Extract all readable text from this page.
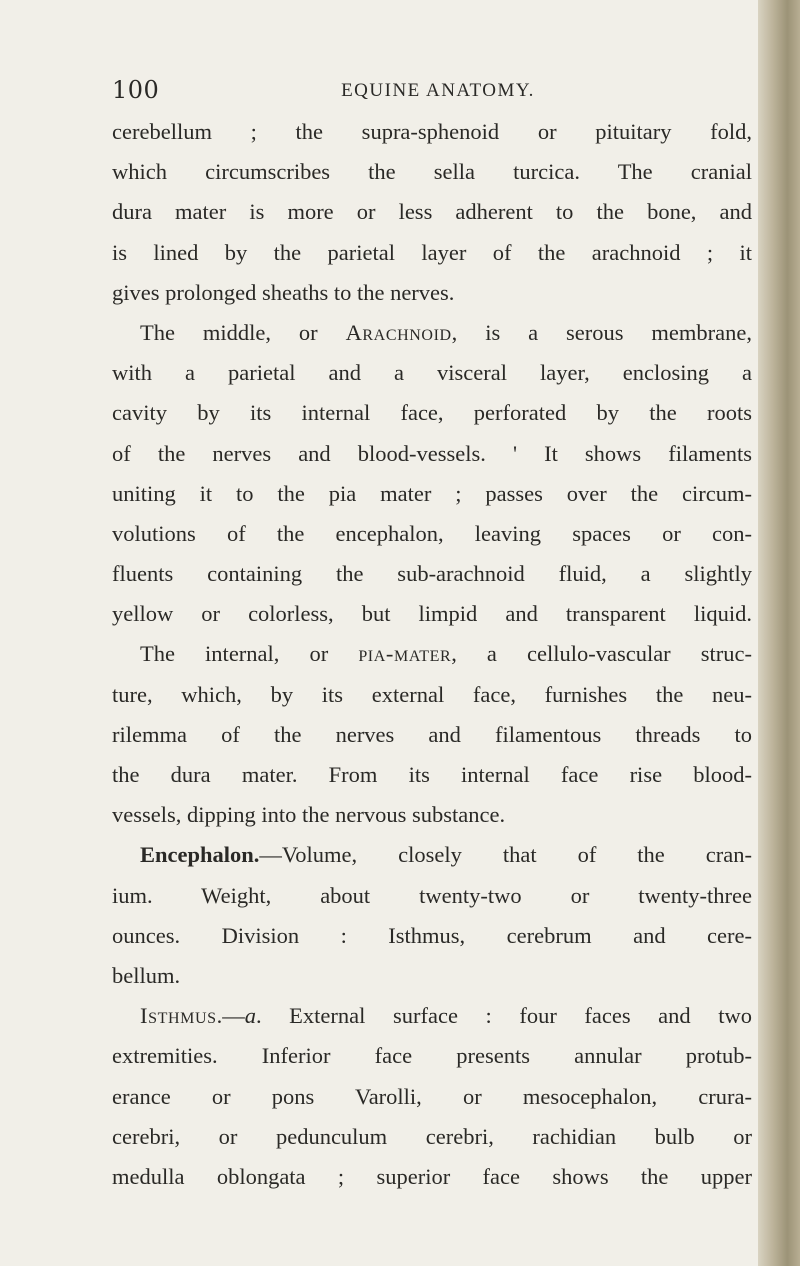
100	EQUINE ANATOMY.
cerebellum ; the supra-sphenoid or pituitary fold,
which circumscribes the sella turcica. The cranial
dura mater is more or less adherent to the bone, and
is lined by the parietal layer of the arachnoid ; it
gives prolonged sheaths to the nerves.
The middle, or Arachnoid, is a serous membrane,
with a parietal and a visceral layer, enclosing a
cavity by its internal face, perforated by the roots
of the nerves and blood-vessels. ' It shows filaments
uniting it to the pia mater ; passes over the circum-
volutions of the encephalon, leaving spaces or con-
fluents containing the sub-arachnoid fluid, a slightly
yellow or colorless, but limpid and transparent liquid.
The internal, or pia-mater, a cellulo-vascular struc-
ture, which, by its external face, furnishes the neu-
rilemma of the nerves and filamentous threads to
the dura mater. From its internal face rise blood-
vessels, dipping into the nervous substance.
Encephalon.—Volume, closely that of the cran-
ium. Weight, about twenty-two or twenty-three
ounces. Division : Isthmus, cerebrum and cere-
bellum.
Isthmus.—a. External surface : four faces and two
extremities. Inferior face presents annular protub-
erance or pons Varolli, or mesocephalon, crura-
cerebri, or pedunculum cerebri, rachidian bulb or
medulla oblongata ; superior face shows the upper
